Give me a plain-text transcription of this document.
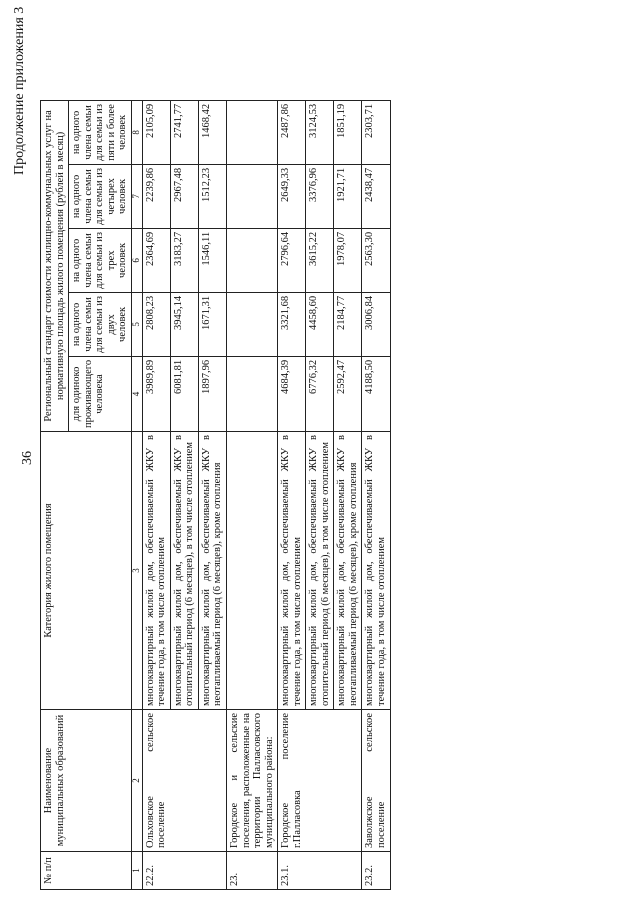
Продолжение приложения 3
36
№ п/п	Наименование муниципальных образований	Категория жилого помещения	Региональный стандарт стоимости жилищно-коммунальных услуг на нормативную площадь жилого помещения (рублей в месяц)				
			для одиноко проживающего человека	на одного члена семьи для семьи из двух человек	на одного члена семьи для семьи из трех человек	на одного члена семьи для семьи из четырех человек	на одного члена семьи для семьи из пяти и более человек
1	2	3	4	5	6	7	8
22.2.	Ольховское сельское поселение	многоквартирный жилой дом, обеспечиваемый ЖКУ в течение года, в том числе отоплением	3989,89	2808,23	2364,69	2239,86	2105,09
		многоквартирный жилой дом, обеспечиваемый ЖКУ в отопительный период (6 месяцев), в том числе отоплением	6081,81	3945,14	3183,27	2967,48	2741,77
		многоквартирный жилой дом, обеспечиваемый ЖКУ в неотапливаемый период (6 месяцев), кроме отопления	1897,96	1671,31	1546,11	1512,23	1468,42
23.	Городское и сельские поселения, расположенные на территории Палласовского муниципального района:						
23.1.	Городское поселение г.Палласовка	многоквартирный жилой дом, обеспечиваемый ЖКУ в течение года, в том числе отоплением	4684,39	3321,68	2796,64	2649,33	2487,86
		многоквартирный жилой дом, обеспечиваемый ЖКУ в отопительный период (6 месяцев), в том числе отоплением	6776,32	4458,60	3615,22	3376,96	3124,53
		многоквартирный жилой дом, обеспечиваемый ЖКУ в неотапливаемый период (6 месяцев), кроме отопления	2592,47	2184,77	1978,07	1921,71	1851,19
23.2.	Заволжское сельское поселение	многоквартирный жилой дом, обеспечиваемый ЖКУ в течение года, в том числе отоплением	4188,50	3006,84	2563,30	2438,47	2303,71
